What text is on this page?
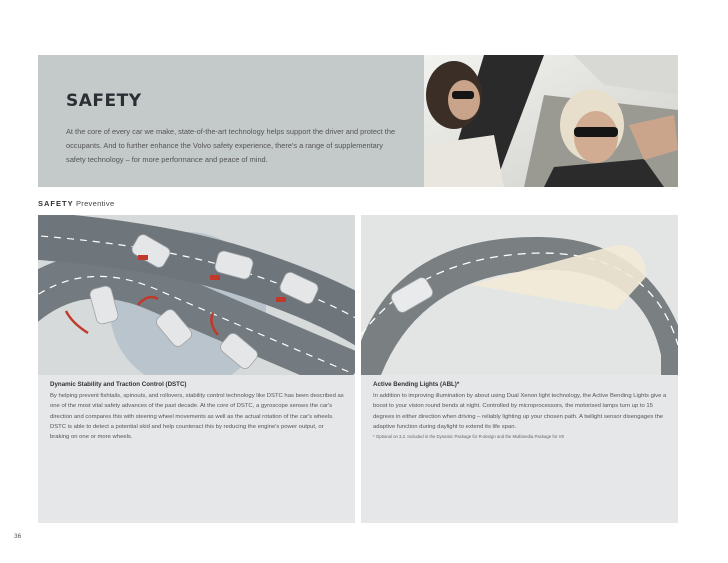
SAFETY

At the core of every car we make, state-of-the-art technology helps support the driver and protect the occupants. And to further enhance the Volvo safety experience, there's a range of supplementary safety technology – for more performance and peace of mind.

SAFETY Preventive
Dynamic Stability and Traction Control (DSTC)

By helping prevent fishtails, spinouts, and rollovers, stability control technology like DSTC has been described as one of the most vital safety advances of the past decade. At the core of DSTC, a gyroscope senses the car's direction and compares this with steering wheel movements as well as the actual rotation of the car's wheels. DSTC is able to detect a potential skid and help counteract this by reducing the engine's power output, or braking on one or more wheels.

Active Bending Lights (ABL)*

In addition to improving illumination by about using Dual Xenon light technology, the Active Bending Lights give a boost to your vision round bends at night. Controlled by microprocessors, the motorised lamps turn up to 15 degrees in either direction when driving – reliably lighting up your chosen path. A twilight sensor disengages the adaptive function during daylight to extend its life span.

* Optional on 3.2. Included in the Dynamic Package for R-design and the Multimedia Package for V8

36
